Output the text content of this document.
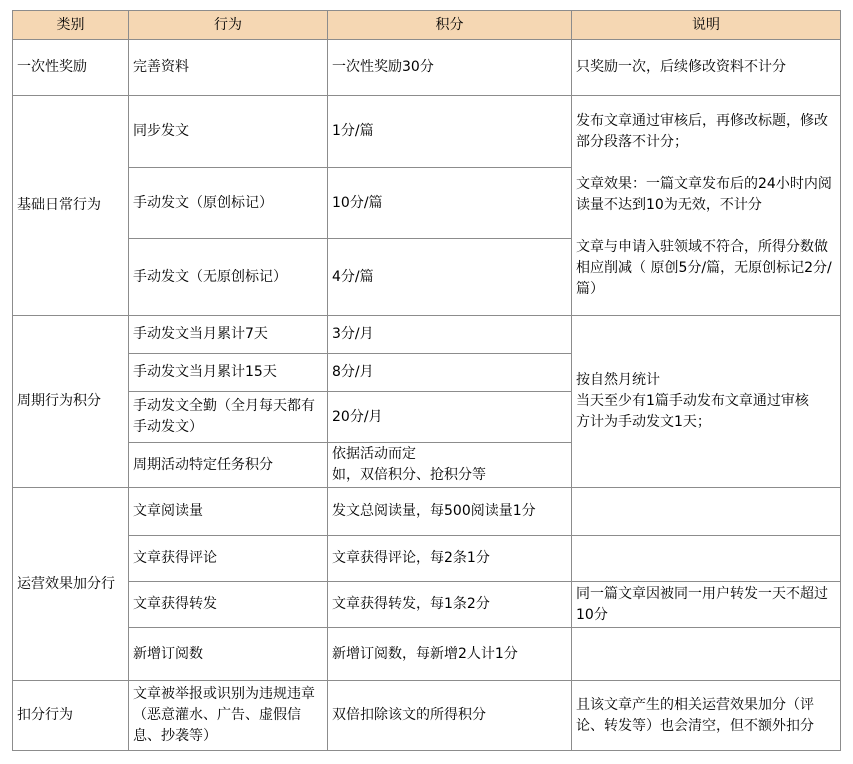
类别	行为	积分	说明
一次性奖励	完善资料	一次性奖励30分	只奖励一次，后续修改资料不计分
基础日常行为	同步发文	1分/篇	发布文章通过审核后，再修改标题，修改部分段落不计分；
文章效果：一篇文章发布后的24小时内阅读量不达到10为无效，不计分
文章与申请入驻领域不符合，所得分数做相应削减（ 原创5分/篇，无原创标记2分/篇）

	手动发文（原创标记）	10分/篇	
	手动发文（无原创标记）	4分/篇	
周期行为积分	手动发文当月累计7天	3分/月	按自然月统计
当天至少有1篇手动发布文章通过审核
方计为手动发文1天；

	手动发文当月累计15天	8分/月	
	手动发文全勤（全月每天都有手动发文）	20分/月	
	周期活动特定任务积分	依据活动而定
如，双倍积分、抢积分等	

运营效果加分行	文章阅读量	发文总阅读量，每500阅读量1分	
	文章获得评论	文章获得评论，每2条1分	
	文章获得转发	文章获得转发，每1条2分	同一篇文章因被同一用户转发一天不超过10分
	新增订阅数	新增订阅数，每新增2人计1分	
扣分行为	文章被举报或识别为违规违章（恶意灌水、广告、虚假信息、抄袭等）	双倍扣除该文的所得积分	且该文章产生的相关运营效果加分（评论、转发等）也会清空，但不额外扣分
